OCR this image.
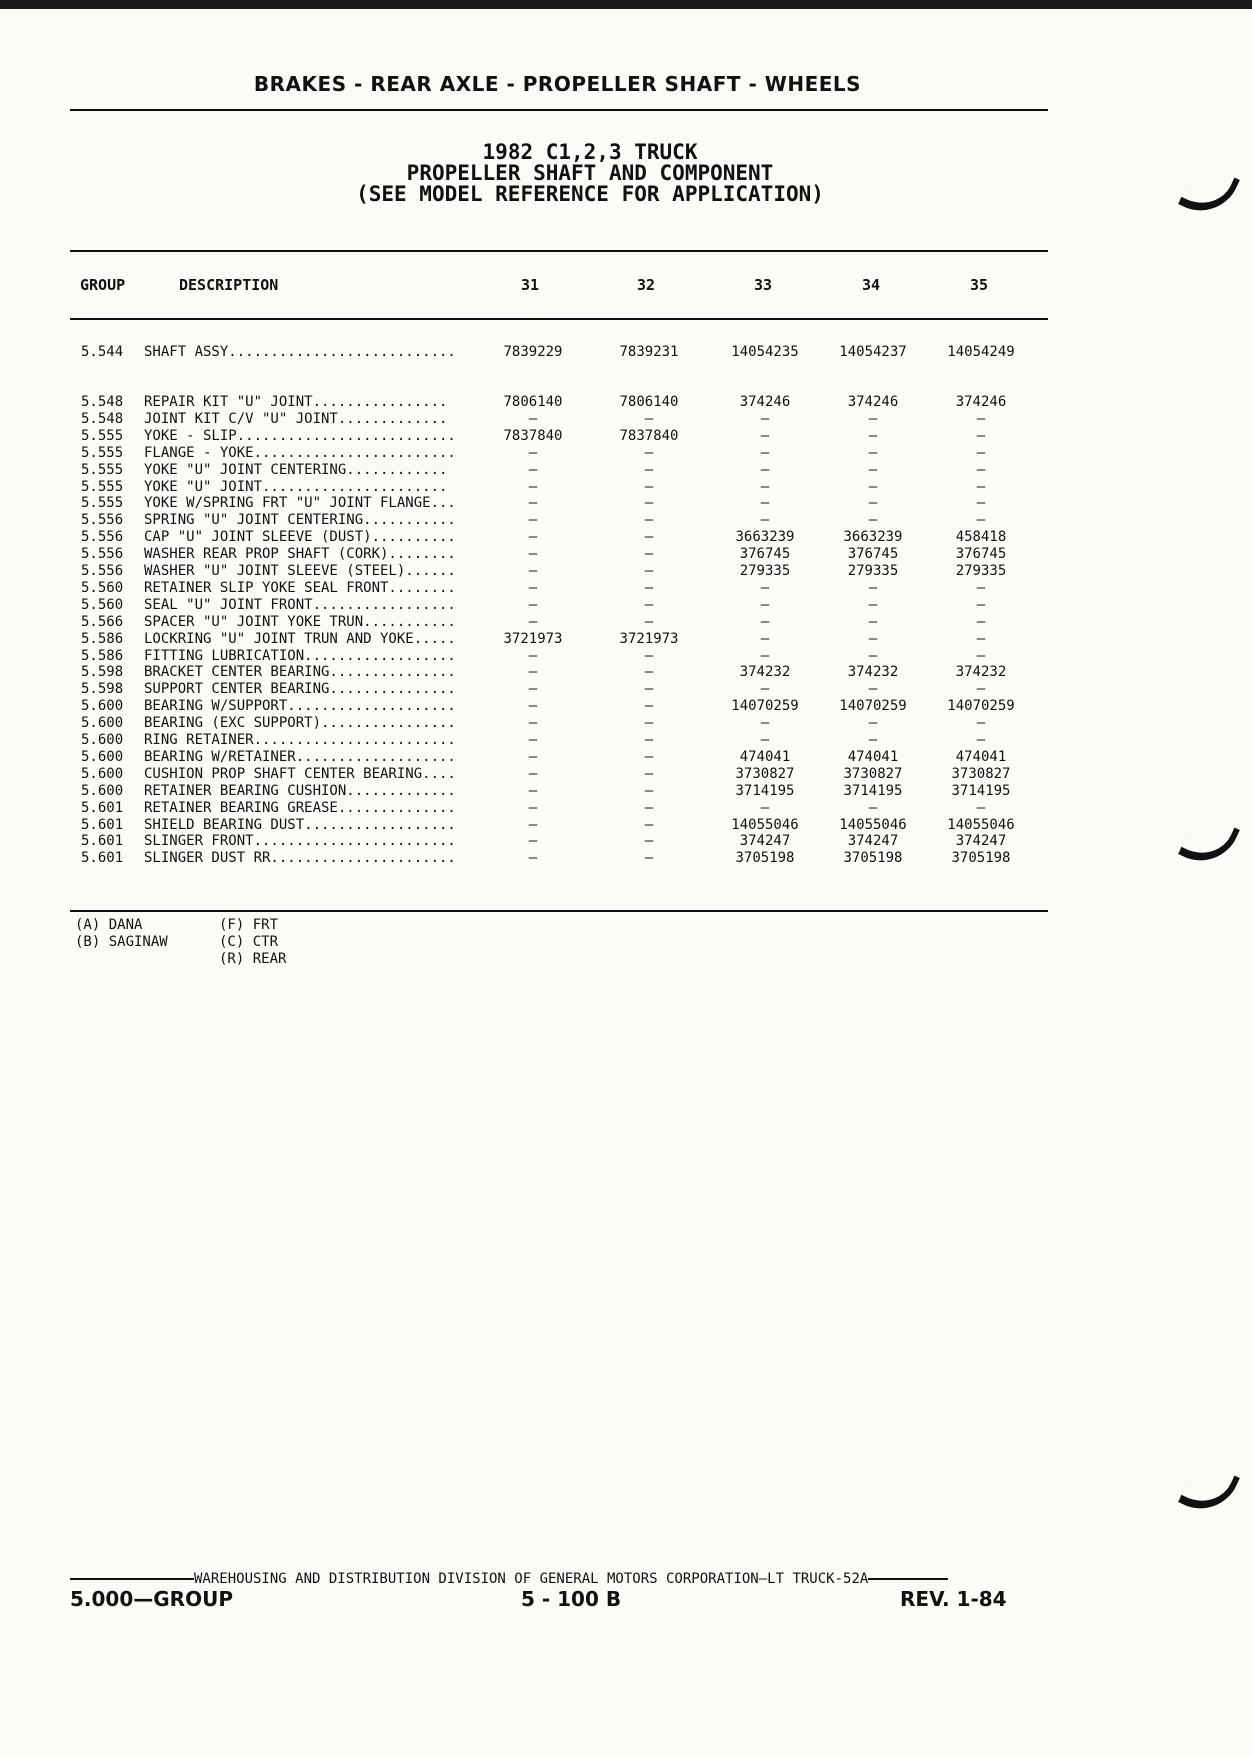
BRAKES - REAR AXLE - PROPELLER SHAFT - WHEELS
1982 C1,2,3 TRUCK
PROPELLER SHAFT AND COMPONENT
(SEE MODEL REFERENCE FOR APPLICATION)
GROUP	DESCRIPTION	31	32	33	34	35
5.544 SHAFT ASSY...........................	7839229	7839231	14054235	14054237	14054249
5.548 REPAIR KIT "U" JOINT................	7806140	7806140	374246	374246	374246
5.548 JOINT KIT C/V "U" JOINT.............	—	—	—	—	—
5.555 YOKE - SLIP..........................	7837840	7837840	—	—	—
5.555 FLANGE - YOKE........................	—	—	—	—	—
5.555 YOKE "U" JOINT CENTERING............	—	—	—	—	—
5.555 YOKE "U" JOINT......................	—	—	—	—	—
5.555 YOKE W/SPRING FRT "U" JOINT FLANGE...	—	—	—	—	—
5.556 SPRING "U" JOINT CENTERING...........	—	—	—	—	—
5.556 CAP "U" JOINT SLEEVE (DUST)..........	—	—	3663239	3663239	458418
5.556 WASHER REAR PROP SHAFT (CORK)........	—	—	376745	376745	376745
5.556 WASHER "U" JOINT SLEEVE (STEEL)......	—	—	279335	279335	279335
5.560 RETAINER SLIP YOKE SEAL FRONT........	—	—	—	—	—
5.560 SEAL "U" JOINT FRONT.................	—	—	—	—	—
5.566 SPACER "U" JOINT YOKE TRUN...........	—	—	—	—	—
5.586 LOCKRING "U" JOINT TRUN AND YOKE.....	3721973	3721973	—	—	—
5.586 FITTING LUBRICATION..................	—	—	—	—	—
5.598 BRACKET CENTER BEARING...............	—	—	374232	374232	374232
5.598 SUPPORT CENTER BEARING...............	—	—	—	—	—
5.600 BEARING W/SUPPORT....................	—	—	14070259	14070259	14070259
5.600 BEARING (EXC SUPPORT)................	—	—	—	—	—
5.600 RING RETAINER........................	—	—	—	—	—
5.600 BEARING W/RETAINER...................	—	—	474041	474041	474041
5.600 CUSHION PROP SHAFT CENTER BEARING....	—	—	3730827	3730827	3730827
5.600 RETAINER BEARING CUSHION.............	—	—	3714195	3714195	3714195
5.601 RETAINER BEARING GREASE..............	—	—	—	—	—
5.601 SHIELD BEARING DUST..................	—	—	14055046	14055046	14055046
5.601 SLINGER FRONT........................	—	—	374247	374247	374247
5.601 SLINGER DUST RR......................	—	—	3705198	3705198	3705198
(A) DANA
(B) SAGINAW
(F) FRT
(C) CTR
(R) REAR
WAREHOUSING AND DISTRIBUTION DIVISION OF GENERAL MOTORS CORPORATION—LT TRUCK-52A
5.000—GROUP	5 - 100 B	REV. 1-84
